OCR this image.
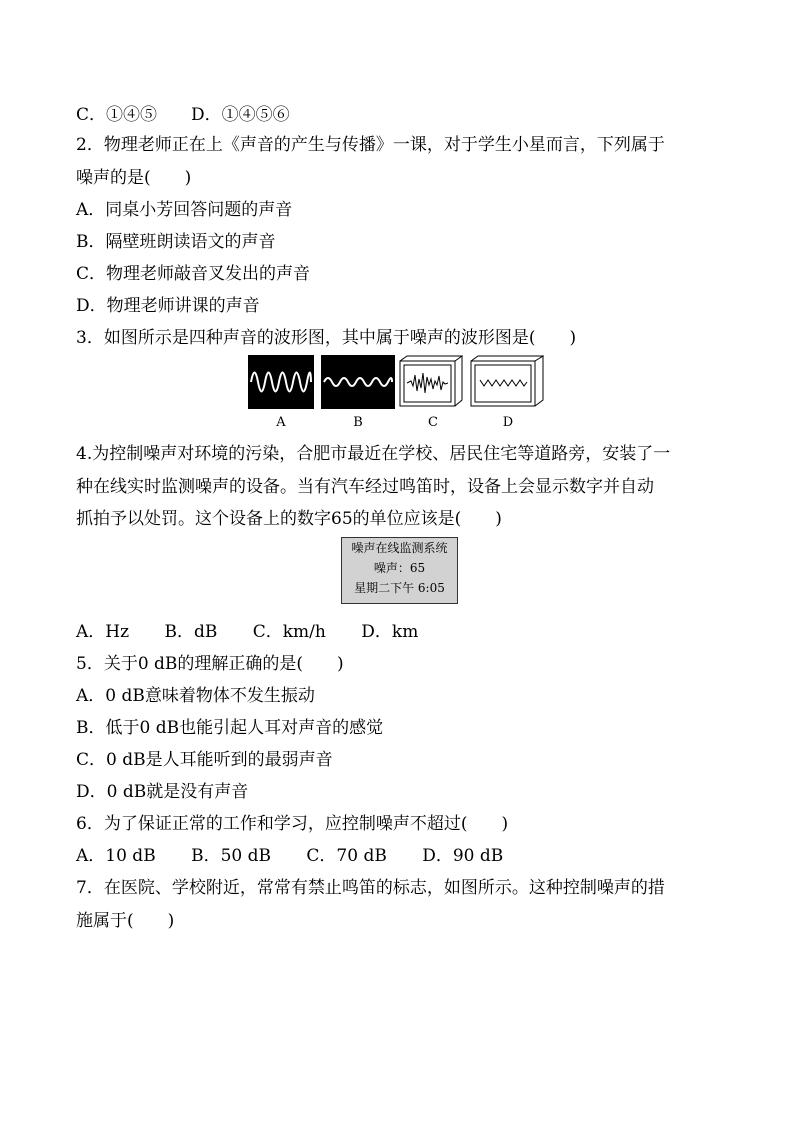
C．①④⑤　　D．①④⑤⑥
2．物理老师正在上《声音的产生与传播》一课，对于学生小星而言，下列属于
噪声的是(　　)
A．同桌小芳回答问题的声音
B．隔壁班朗读语文的声音
C．物理老师敲音叉发出的声音
D．物理老师讲课的声音
3．如图所示是四种声音的波形图，其中属于噪声的波形图是(　　)
A	B	C	D
4.为控制噪声对环境的污染，合肥市最近在学校、居民住宅等道路旁，安装了一
种在线实时监测噪声的设备。当有汽车经过鸣笛时，设备上会显示数字并自动
抓拍予以处罚。这个设备上的数字65的单位应该是(　　)
噪声在线监测系统
噪声：65
星期二下午 6:05
A．Hz B．dB C．km/h D．km
5．关于0 dB的理解正确的是(　　)
A．0 dB意味着物体不发生振动
B．低于0 dB也能引起人耳对声音的感觉
C．0 dB是人耳能听到的最弱声音
D．0 dB就是没有声音
6．为了保证正常的工作和学习，应控制噪声不超过(　　)
A．10 dB B．50 dB C．70 dB D．90 dB
7．在医院、学校附近，常常有禁止鸣笛的标志，如图所示。这种控制噪声的措
施属于(　　)
